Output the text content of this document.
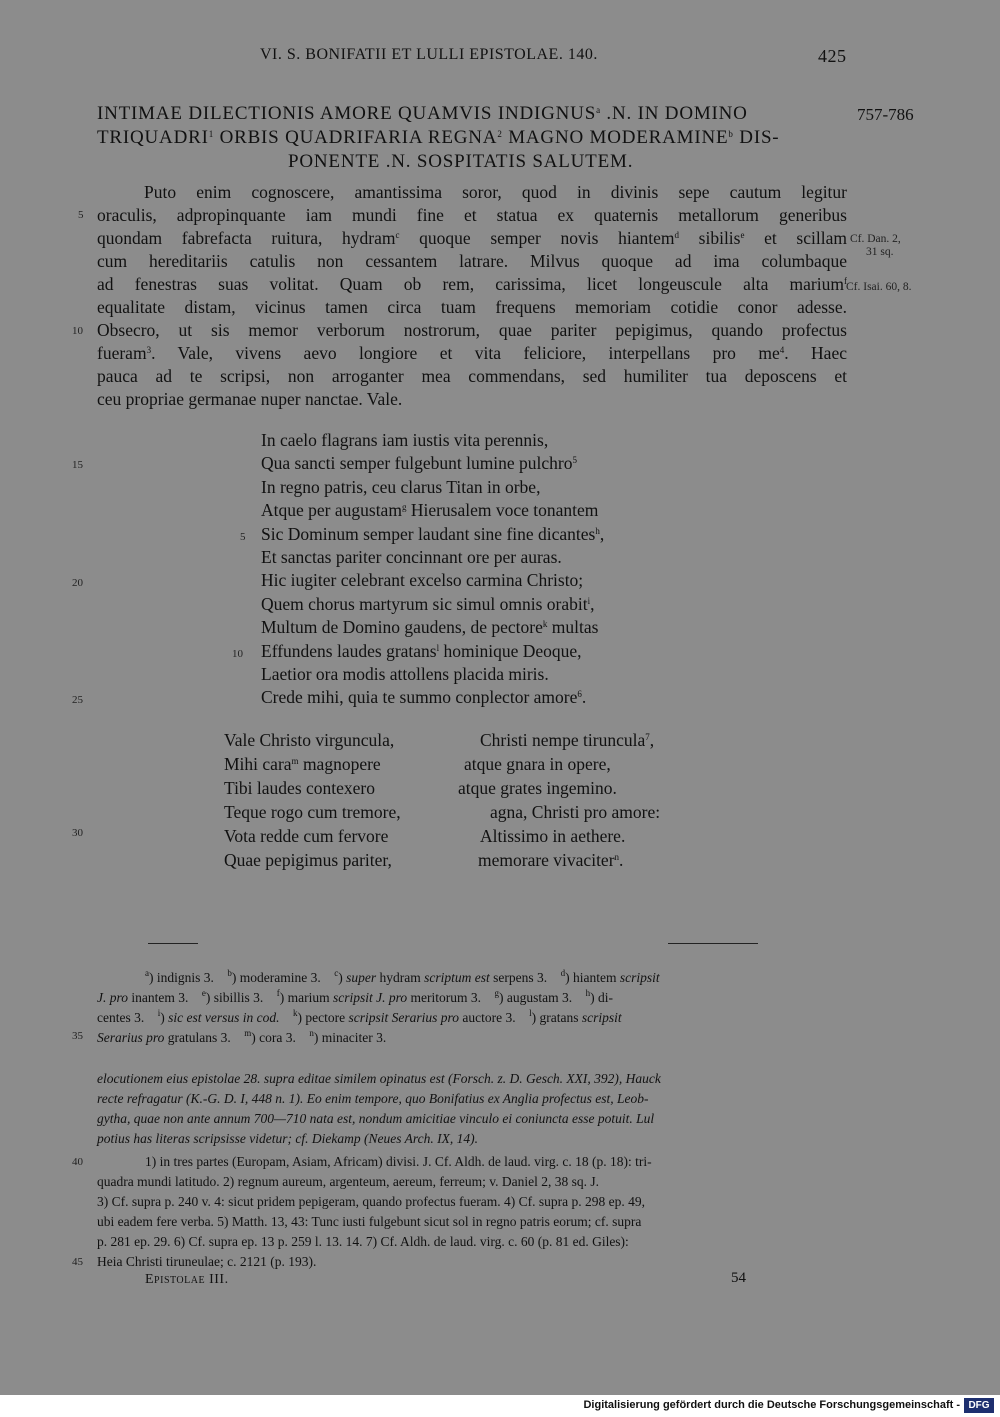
VI. S. BONIFATII ET LULLI EPISTOLAE. 140.	425
INTIMAE DILECTIONIS AMORE QUAMVIS INDIGNUS$^a$ .N. IN DOMINO	757-786
TRIQUADRI$^1$ ORBIS QUADRIFARIA REGNA$^2$ MAGNO MODERAMINE$^b$ DIS-
PONENTE .N. SOSPITATIS SALUTEM.
Puto enim cognoscere, amantissima soror, quod in divinis sepe cautum legitur
oraculis, adpropinquante iam mundi fine et statua ex quaternis metallorum generibus
quondam fabrefacta ruitura, hydram$^c$ quoque semper novis hiantem$^d$ sibilis$^e$ et scillam
cum hereditariis catulis non cessantem latrare. Milvus quoque ad ima columbaque
ad fenestras suas volitat. Quam ob rem, carissima, licet longeuscule alta marium$^f$
equalitate distam, vicinus tamen circa tuam frequens memoriam cotidie conor adesse.
Obsecro, ut sis memor verborum nostrorum, quae pariter pepigimus, quando profectus
fueram$^3$. Vale, vivens aevo longiore et vita feliciore, interpellans pro $me^4$. Haec
pauca ad te scripsi, non arroganter mea commendans, sed humiliter tua deposcens et
ceu propriae germanae nuper nanctae. Vale.
Cf. Dan. 2,
31 sq.
Cf. Isai. 60, 8.
5
10
15
20
25
30
35
40
45
In caelo flagrans iam iustis vita perennis,
Qua sancti semper fulgebunt lumine pulchro$^5$
In regno patris, ceu clarus Titan in orbe,
Atque per augustam$^g$ Hierusalem voce tonantem
Sic Dominum semper laudant sine fine dicantes$^h$,
Et sanctas pariter concinnant ore per auras.
Hic iugiter celebrant excelso carmina Christo;
Quem chorus martyrum sic simul omnis orabit$^i$,
Multum de Domino gaudens, de pectore$^k$ multas
Effundens laudes gratans$^l$ hominique Deoque,
Laetior ora modis attollens placida miris.
Crede mihi, quia te summo conplector amore$^6$.
5
10
Vale Christo virguncula,	Christi nempe tiruncula$^7$,
Mihi cara$^m$ magnopere	atque gnara in opere,
Tibi laudes contexero	atque grates ingemino.
Teque rogo cum tremore,	agna, Christi pro amore:
Vota redde cum fervore	Altissimo in aethere.
Quae pepigimus pariter,	memorare vivaciter$^n$.
$^a$) indignis 3. $^b$) moderamine 3. $^c$) super hydram scriptum est serpens 3. $^d$) hiantem scripsit
J. pro inantem 3. $^e$) sibillis 3. $^f$) marium scripsit J. pro meritorum 3. $^g$) augustam 3. $^h$) di-
centes 3. $^i$) sic est versus in cod. $^k$) pectore scripsit Serarius pro auctore 3. $^l$) gratans scripsit
Serarius pro gratulans 3. $^m$) cora 3. $^n$) minaciter 3.
elocutionem eius epistolae 28. supra editae similem opinatus est (Forsch. z. D. Gesch. XXI, 392), Hauck
recte refragatur (K.-G. D. I, 448 n. 1). Eo enim tempore, quo Bonifatius ex Anglia profectus est, Leob-
gytha, quae non ante annum 700—710 nata est, nondum amicitiae vinculo ei coniuncta esse potuit. Lul
potius has literas scripsisse videtur; cf. Diekamp (Neues Arch. IX, 14).
1) in tres partes (Europam, Asiam, Africam) divisi. J. Cf. Aldh. de laud. virg. c. 18 (p. 18): tri-
quadra mundi latitudo. 2) regnum aureum, argenteum, aereum, ferreum; v. Daniel 2, 38 sq. J.
3) Cf. supra p. 240 v. 4: sicut pridem pepigeram, quando profectus fueram. 4) Cf. supra p. 298 ep. 49,
ubi eadem fere verba. 5) Matth. 13, 43: Tunc iusti fulgebunt sicut sol in regno patris eorum; cf. supra
p. 281 ep. 29. 6) Cf. supra ep. 13 p. 259 l. 13. 14. 7) Cf. Aldh. de laud. virg. c. 60 (p. 81 ed. Giles):
Heia Christi tiruneulae; c. 2121 (p. 193).
Epistolae III.	54
Digitalisierung gefördert durch die Deutsche Forschungsgemeinschaft - DFG
